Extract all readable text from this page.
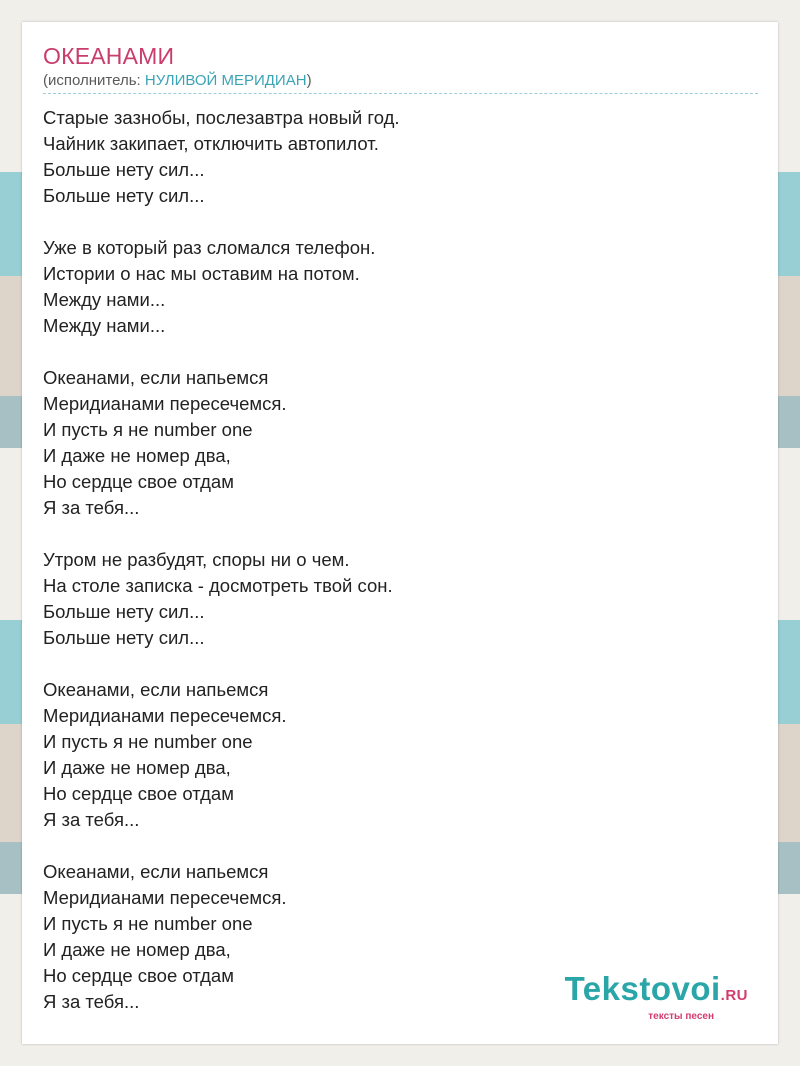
ОКЕАНАМИ
(исполнитель: НУЛИВОЙ МЕРИДИАН)
Старые зазнобы, послезавтра новый год.
Чайник закипает, отключить автопилот.
Больше нету сил...
Больше нету сил...
Уже в который раз сломался телефон.
Истории о нас мы оставим на потом.
Между нами...
Между нами...
Океанами, если напьемся
Меридианами пересечемся.
И пусть я не number one
И даже не номер два,
Но сердце свое отдам
Я за тебя...
Утром не разбудят, споры ни о чем.
На столе записка - досмотреть твой сон.
Больше нету сил...
Больше нету сил...
Океанами, если напьемся
Меридианами пересечемся.
И пусть я не number one
И даже не номер два,
Но сердце свое отдам
Я за тебя...
Океанами, если напьемся
Меридианами пересечемся.
И пусть я не number one
И даже не номер два,
Но сердце свое отдам
Я за тебя...	Tekstovoi.RU
тексты песен
